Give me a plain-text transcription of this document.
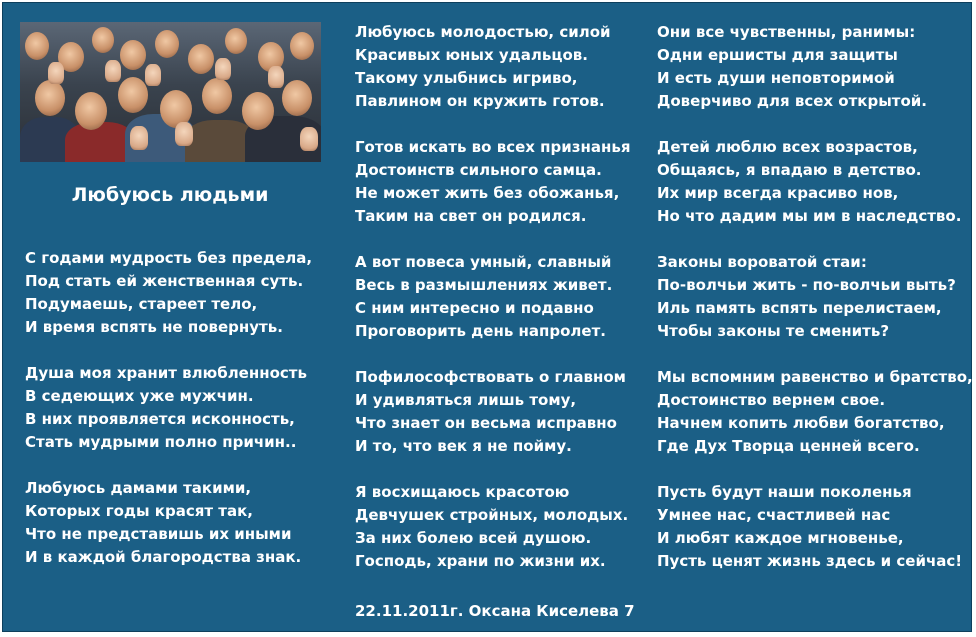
Любуюсь людьми
С годами мудрость без предела,
Под стать ей женственная суть.
Подумаешь, стареет тело,
И время вспять не повернуть.
Душа моя хранит влюбленность
В седеющих уже мужчин.
В них проявляется исконность,
Стать мудрыми полно причин..
Любуюсь дамами такими,
Которых годы красят так,
Что не представишь их иными
И в каждой благородства знак.
Любуюсь молодостью, силой
Красивых юных удальцов.
Такому улыбнись игриво,
Павлином он кружить готов.
Готов искать во всех признанья
Достоинств сильного самца.
Не может жить без обожанья,
Таким на свет он родился.
А вот повеса умный, славный
Весь в размышлениях живет.
С ним интересно и подавно
Проговорить день напролет.
Пофилософствовать о главном
И удивляться лишь тому,
Что знает он весьма исправно
И то, что век я не пойму.
Я восхищаюсь красотою
Девчушек стройных, молодых.
За них болею всей душою.
Господь, храни по жизни их.
Они все чувственны, ранимы:
Одни ершисты для защиты
И есть души неповторимой
Доверчиво для всех открытой.
Детей люблю всех возрастов,
Общаясь, я впадаю в детство.
Их мир всегда красиво нов,
Но что дадим мы им в наследство.
Законы вороватой стаи:
По-волчьи жить - по-волчьи выть?
Иль память вспять перелистаем,
Чтобы законы те сменить?
Мы вспомним равенство и братство,
Достоинство вернем свое.
Начнем копить любви богатство,
Где Дух Творца ценней всего.
Пусть будут наши поколенья
Умнее нас, счастливей нас
И любят каждое мгновенье,
Пусть ценят жизнь здесь и сейчас!
22.11.2011г. Оксана Киселева 7
